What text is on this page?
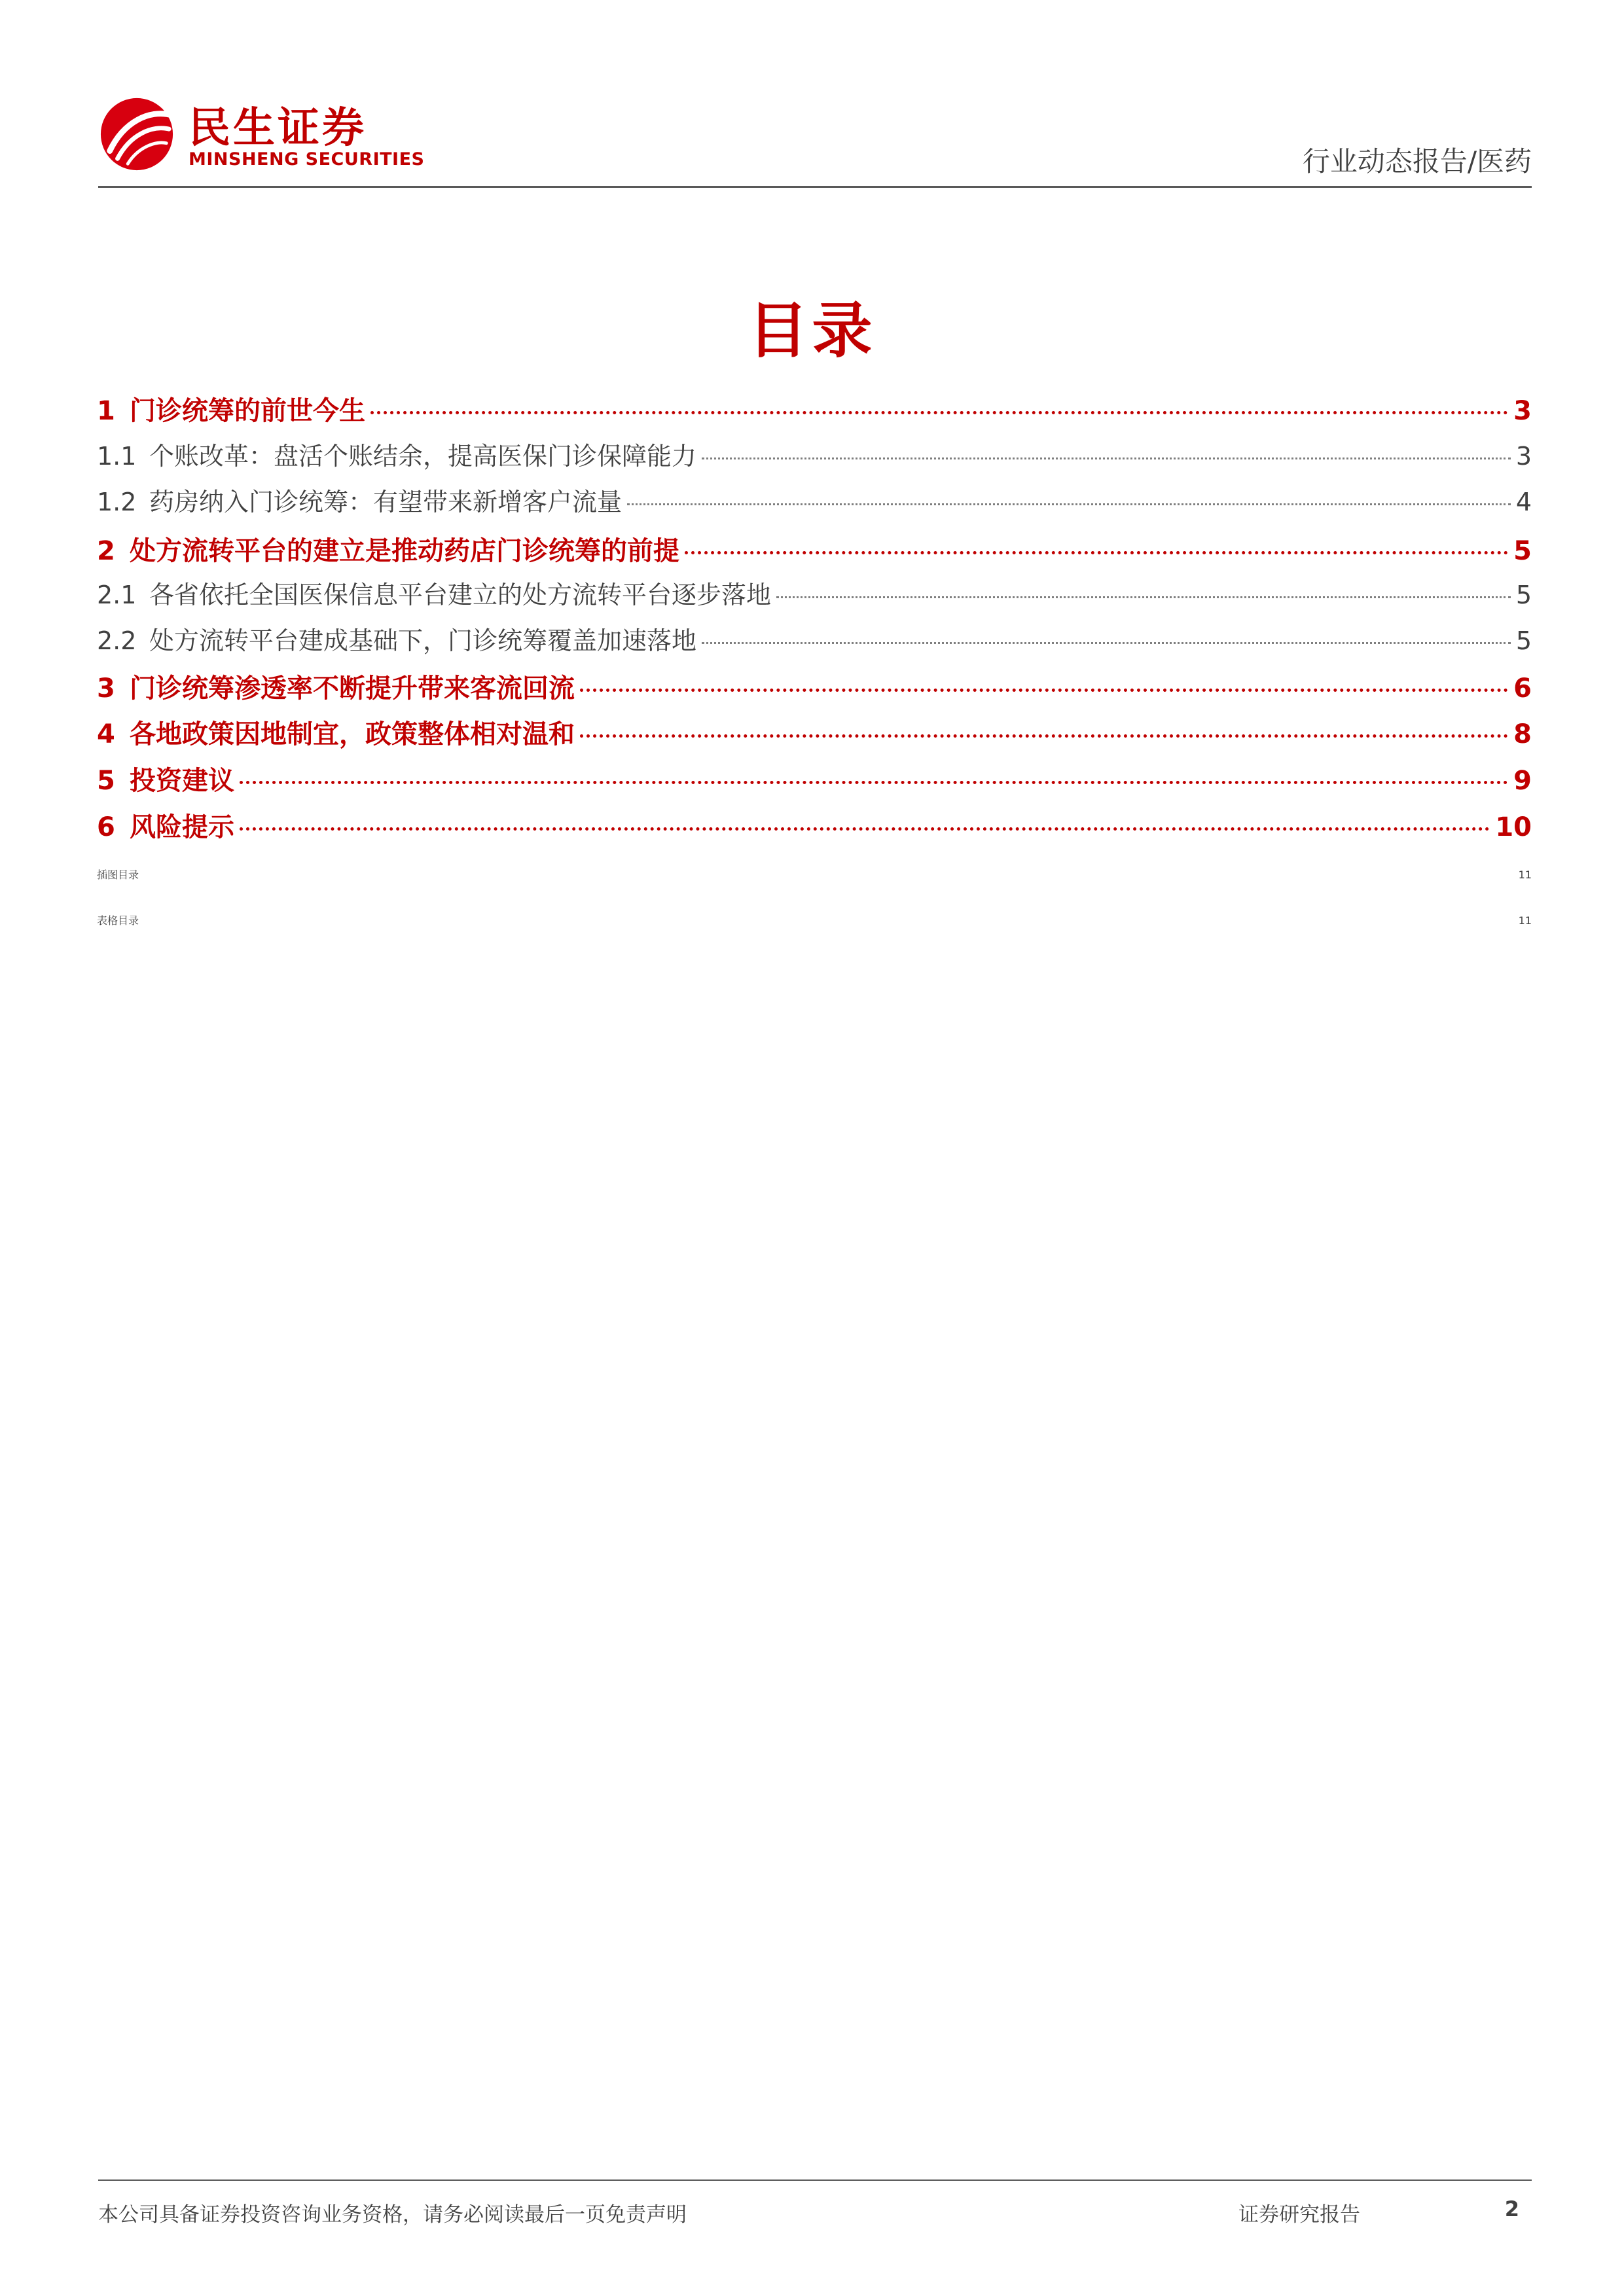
民生证券
MINSHENG SECURITIES	行业动态报告/医药
目录
1 门诊统筹的前世今生	3
1.1 个账改革：盘活个账结余，提高医保门诊保障能力	3
1.2 药房纳入门诊统筹：有望带来新增客户流量	4
2 处方流转平台的建立是推动药店门诊统筹的前提	5
2.1 各省依托全国医保信息平台建立的处方流转平台逐步落地	5
2.2 处方流转平台建成基础下，门诊统筹覆盖加速落地	5
3 门诊统筹渗透率不断提升带来客流回流	6
4 各地政策因地制宜，政策整体相对温和	8
5 投资建议	9
6 风险提示	10
插图目录	11
表格目录	11
本公司具备证券投资咨询业务资格，请务必阅读最后一页免责声明	证券研究报告	2
